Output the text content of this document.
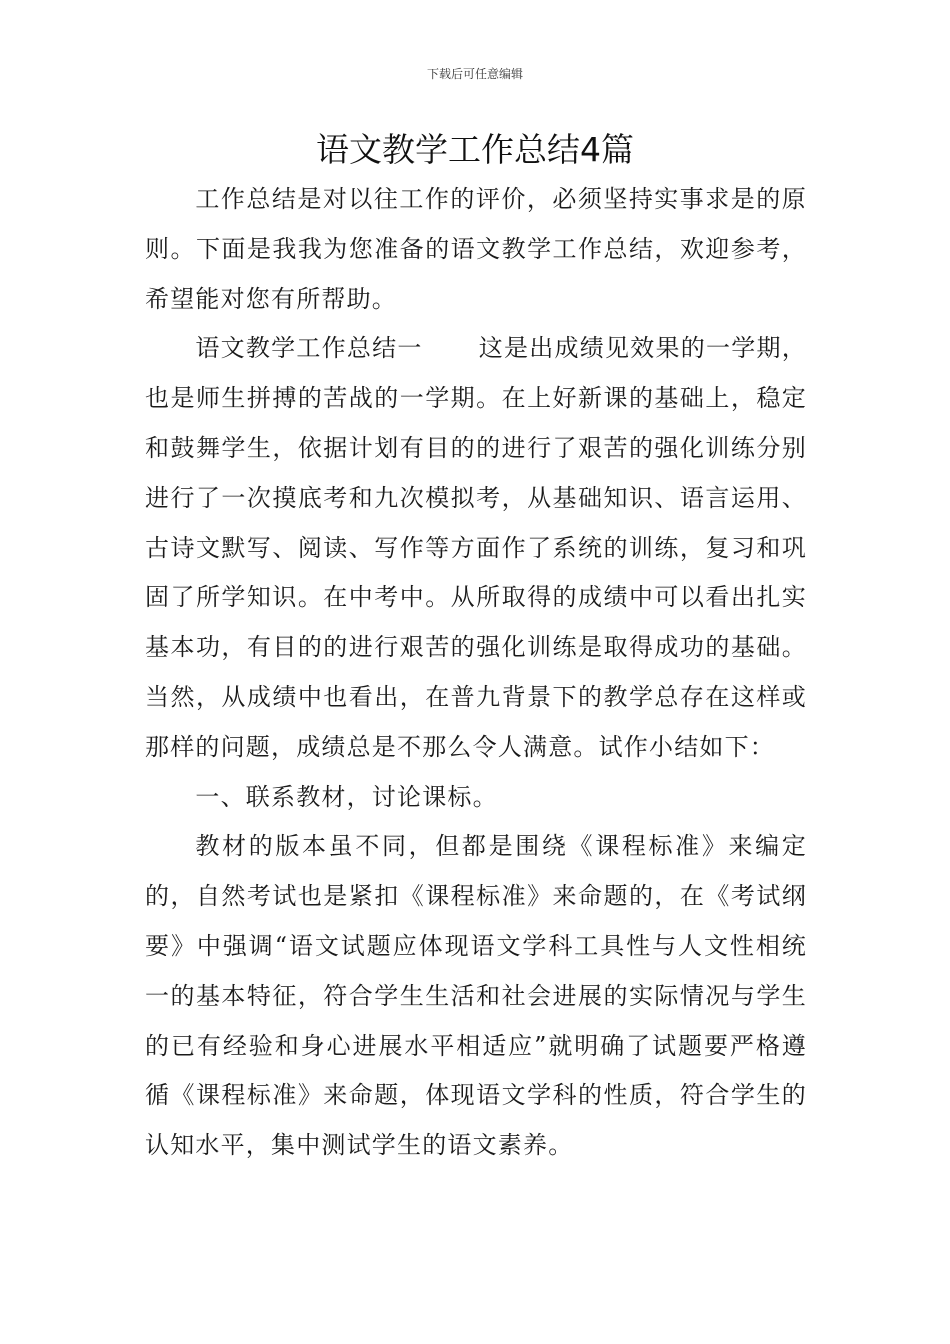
下载后可任意编辑
语文教学工作总结4篇

工作总结是对以往工作的评价，必须坚持实事求是的原则。下面是我我为您准备的语文教学工作总结，欢迎参考，希望能对您有所帮助。

语文教学工作总结一 这是出成绩见效果的一学期，也是师生拼搏的苦战的一学期。在上好新课的基础上，稳定和鼓舞学生，依据计划有目的的进行了艰苦的强化训练分别进行了一次摸底考和九次模拟考，从基础知识、语言运用、古诗文默写、阅读、写作等方面作了系统的训练，复习和巩固了所学知识。在中考中。从所取得的成绩中可以看出扎实基本功，有目的的进行艰苦的强化训练是取得成功的基础。当然，从成绩中也看出，在普九背景下的教学总存在这样或那样的问题，成绩总是不那么令人满意。试作小结如下：

一、联系教材，讨论课标。

教材的版本虽不同，但都是围绕《课程标准》来编定的，自然考试也是紧扣《课程标准》来命题的，在《考试纲要》中强调“语文试题应体现语文学科工具性与人文性相统一的基本特征，符合学生生活和社会进展的实际情况与学生的已有经验和身心进展水平相适应”就明确了试题要严格遵循《课程标准》来命题，体现语文学科的性质，符合学生的认知水平，集中测试学生的语文素养。
